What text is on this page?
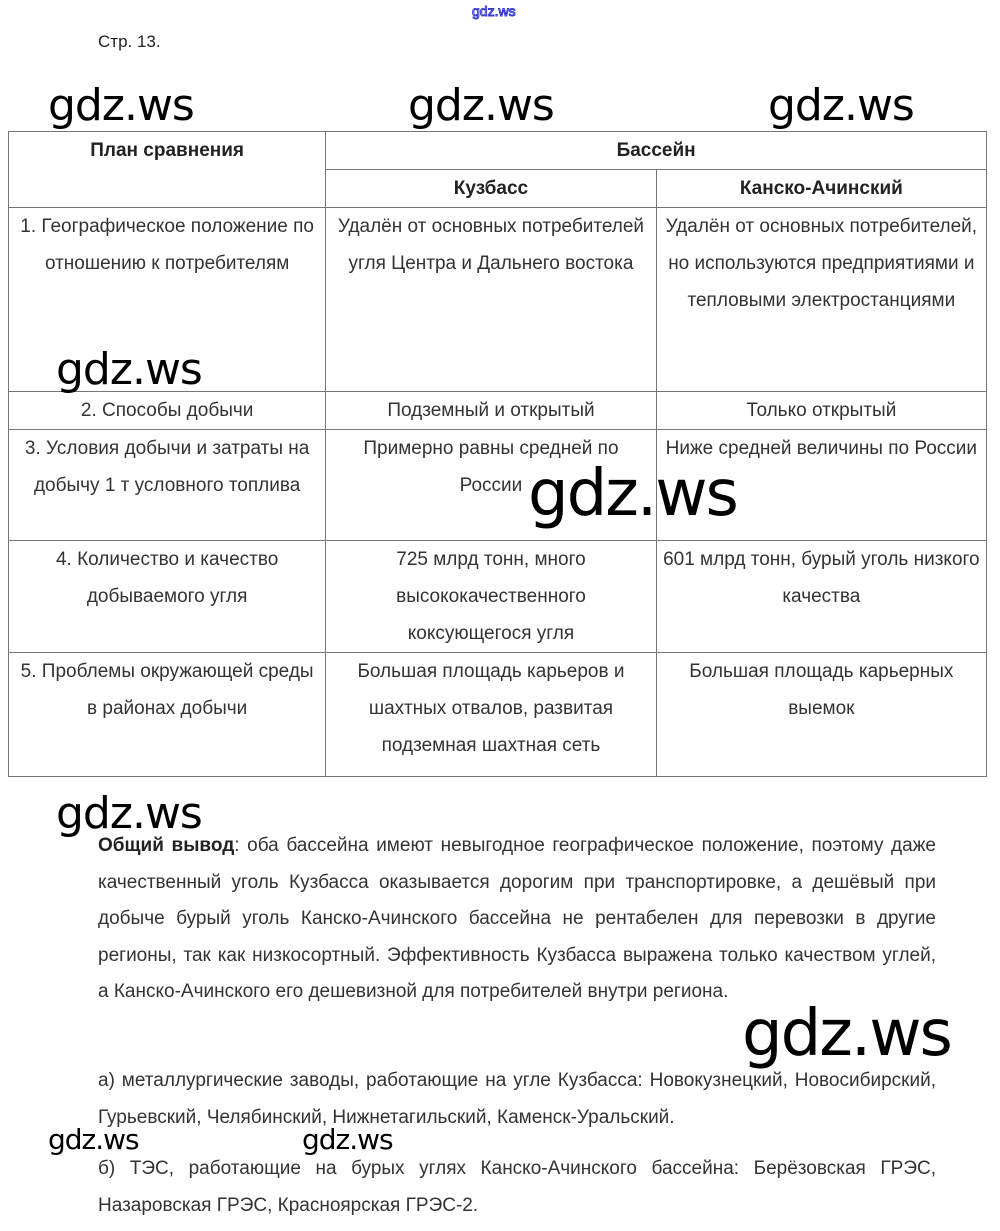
gdz.ws
Стр. 13.
План сравнения	Бассейн	
	Кузбасс	Канско-Ачинский
1. Географическое положение по отношению к потребителям	Удалён от основных потребителей угля Центра и Дальнего востока	Удалён от основных потребителей, но используются предприятиями и тепловыми электростанциями
2. Способы добычи	Подземный и открытый	Только открытый
3. Условия добычи и затраты на добычу 1 т условного топлива	Примерно равны средней по России	Ниже средней величины по России
4. Количество и качество добываемого угля	725 млрд тонн, много высококачественного коксующегося угля	601 млрд тонн, бурый уголь низкого качества
5. Проблемы окружающей среды в районах добычи	Большая площадь карьеров и шахтных отвалов, развитая подземная шахтная сеть	Большая площадь карьерных выемок
Общий вывод: оба бассейна имеют невыгодное географическое положение, поэтому даже качественный уголь Кузбасса оказывается дорогим при транспортировке, а дешёвый при добыче бурый уголь Канско-Ачинского бассейна не рентабелен для перевозки в другие регионы, так как низкосортный. Эффективность Кузбасса выражена только качеством углей, а Канско-Ачинского его дешевизной для потребителей внутри региона.
а) металлургические заводы, работающие на угле Кузбасса: Новокузнецкий, Новосибирский, Гурьевский, Челябинский, Нижнетагильский, Каменск-Уральский.
б) ТЭС, работающие на бурых углях Канско-Ачинского бассейна: Берёзовская ГРЭС, Назаровская ГРЭС, Красноярская ГРЭС-2.
gdz.ws	gdz.ws	gdz.ws
gdz.ws
gdz.ws
gdz.ws
gdz.ws
gdz.ws	gdz.ws
